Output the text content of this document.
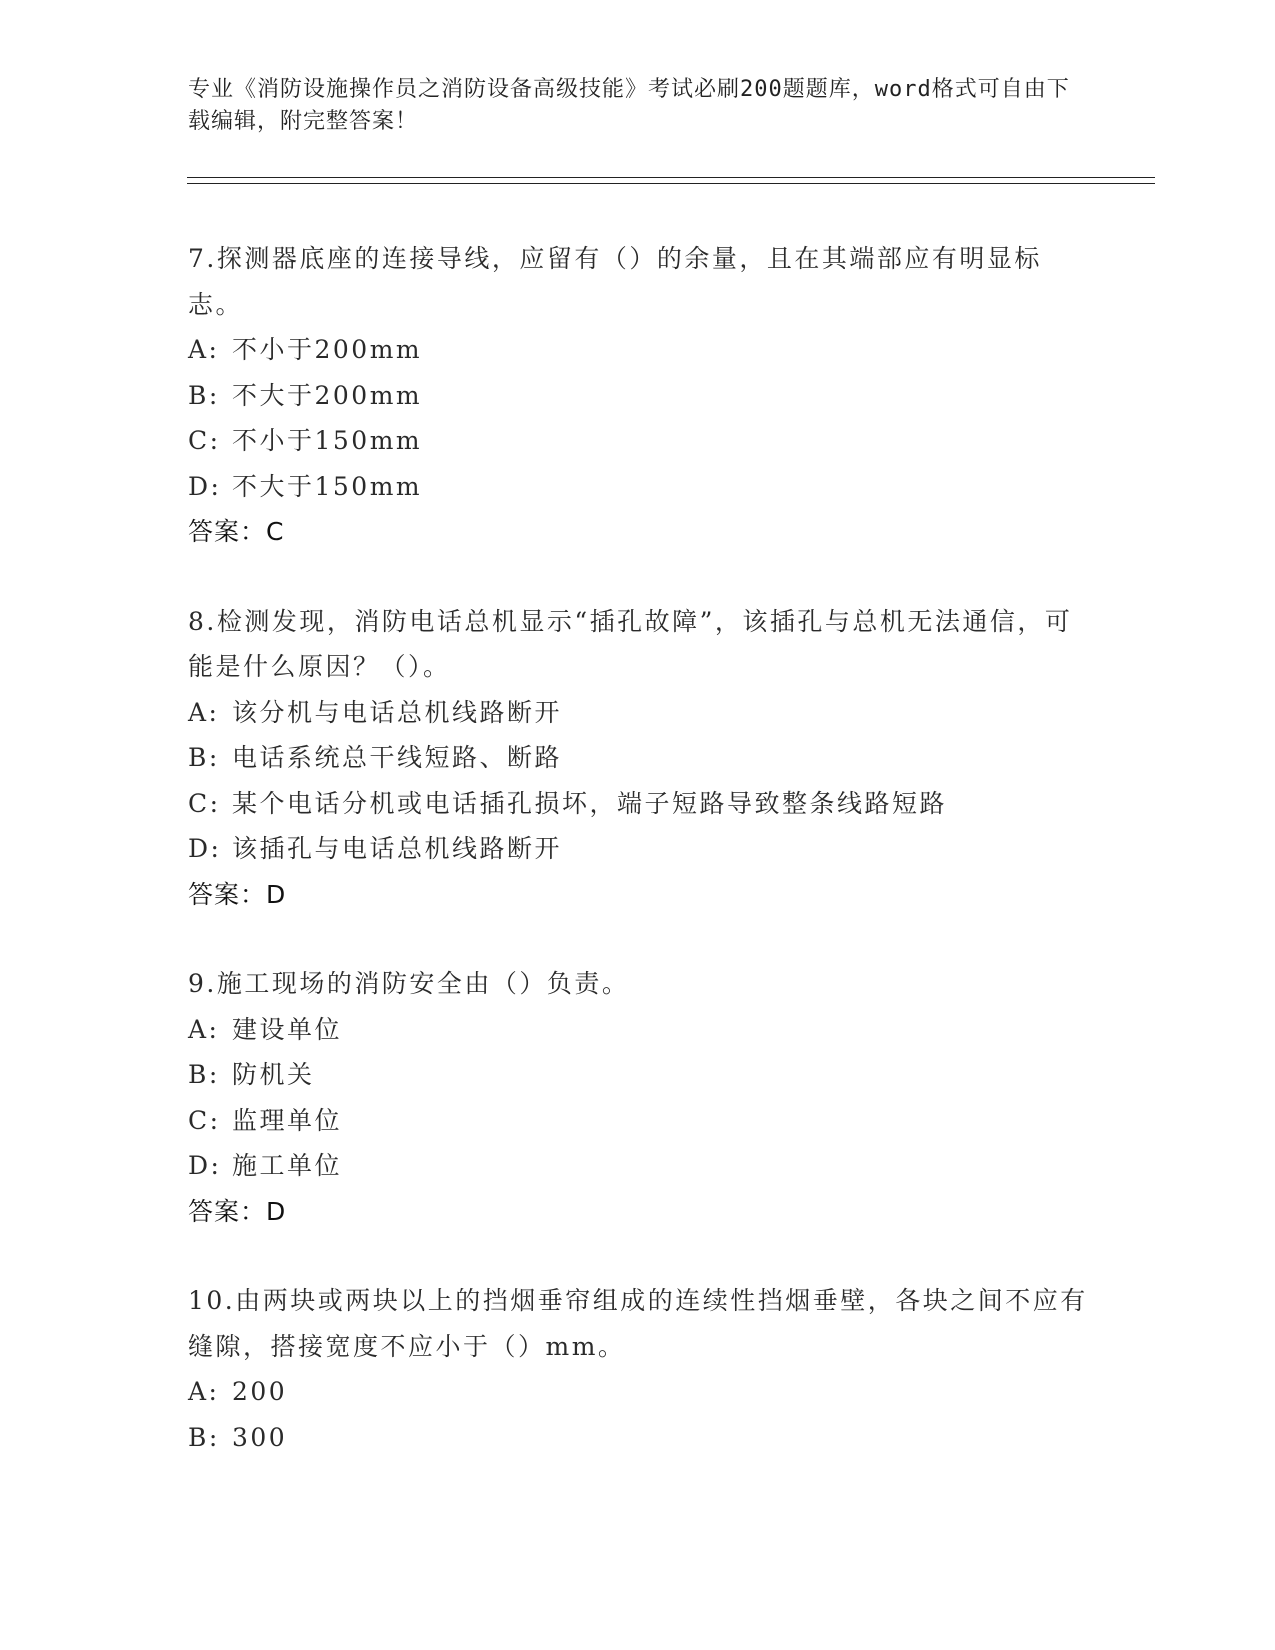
专业《消防设施操作员之消防设备高级技能》考试必刷200题题库，word格式可自由下载编辑，附完整答案！
7.探测器底座的连接导线，应留有（）的余量，且在其端部应有明显标志。
A: 不小于200mm
B: 不大于200mm
C: 不小于150mm
D: 不大于150mm
答案：C
8.检测发现，消防电话总机显示“插孔故障”，该插孔与总机无法通信，可能是什么原因？（）。
A: 该分机与电话总机线路断开
B: 电话系统总干线短路、断路
C: 某个电话分机或电话插孔损坏，端子短路导致整条线路短路
D: 该插孔与电话总机线路断开
答案：D
9.施工现场的消防安全由（）负责。
A: 建设单位
B: 防机关
C: 监理单位
D: 施工单位
答案：D
10.由两块或两块以上的挡烟垂帘组成的连续性挡烟垂壁，各块之间不应有缝隙，搭接宽度不应小于（）mm。
A: 200
B: 300
